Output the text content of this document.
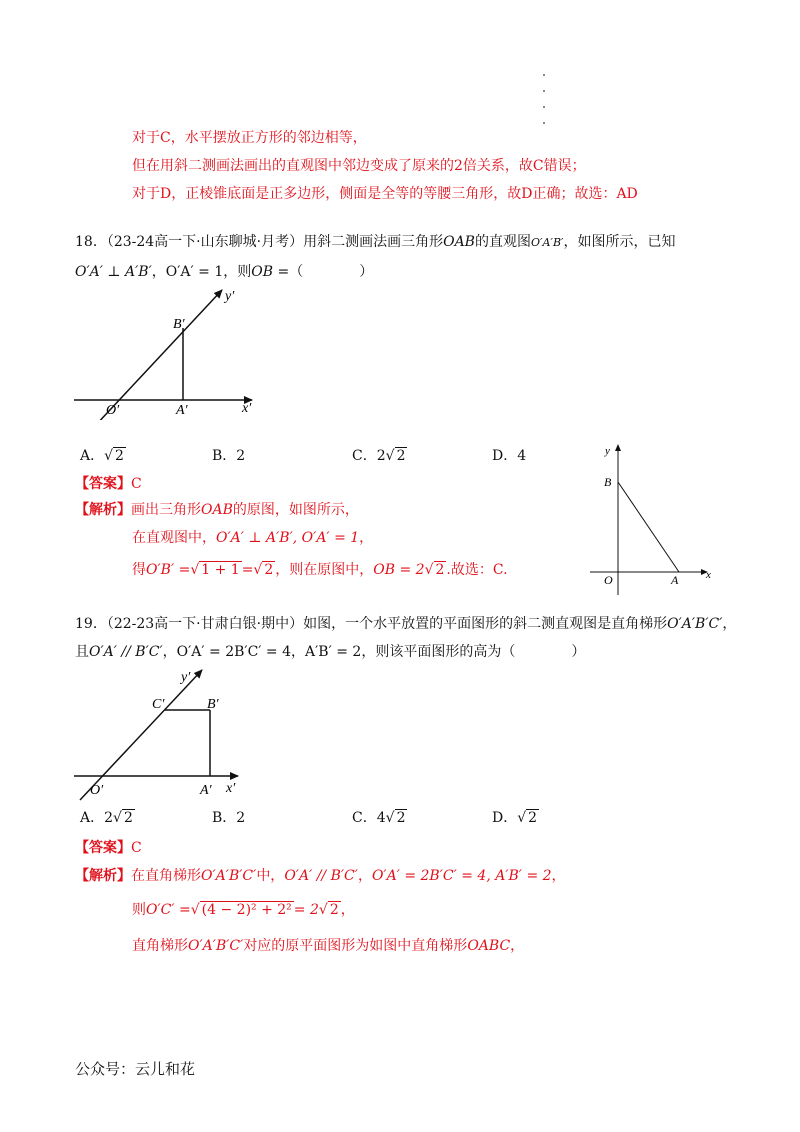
对于C，水平摆放正方形的邻边相等，
但在用斜二测画法画出的直观图中邻边变成了原来的2倍关系，故C错误；
对于D，正棱锥底面是正多边形，侧面是全等的等腰三角形，故D正确；故选：AD
18．（23-24高一下·山东聊城·月考）用斜二测画法画三角形OAB的直观图O′A′B′，如图所示，已知
O′A′ ⊥ A′B′，O′A′ = 1，则OB =（　　　　）
y′
x′
B′
O′	A′
A．√ 2	B．2	C．2√ 2	D．4
【答案】C
【解析】画出三角形OAB的原图，如图所示，
在直观图中，O′A′ ⊥ A′B′, O′A′ = 1，
得O′B′ =√ 1 + 1 =√ 2 ，则在原图中，OB = 2√ 2 .故选：C.
y
x
B
O	A
19．（22-23高一下·甘肃白银·期中）如图，一个水平放置的平面图形的斜二测直观图是直角梯形O′A′B′C′，
且O′A′ // B′C′，O′A′ = 2B′C′ = 4，A′B′ = 2，则该平面图形的高为（　　　　）
y′
x′
C′	B′
O′	A′
A．2√ 2	B．2	C．4√ 2	D．√ 2
【答案】C
【解析】在直角梯形O′A′B′C′中，O′A′ // B′C′，O′A′ = 2B′C′ = 4, A′B′ = 2，
则O′C′ =√ (4 − 2)² + 2² = 2√ 2 ，
直角梯形O′A′B′C′对应的原平面图形为如图中直角梯形OABC，
公众号：云儿和花
